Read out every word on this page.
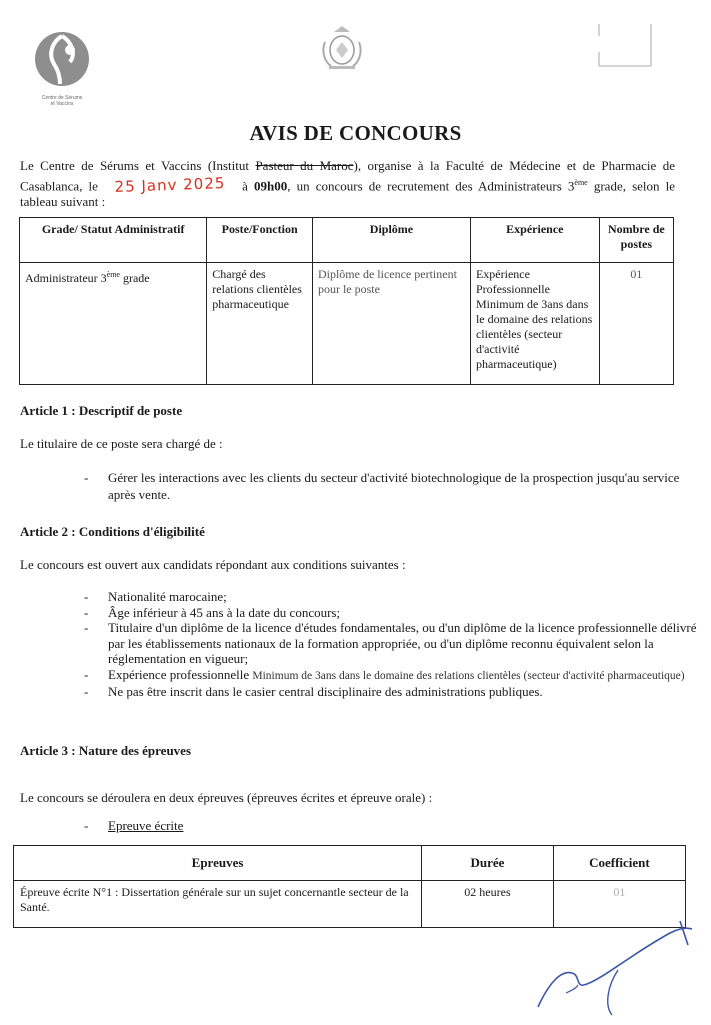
Centre de Sérums
et Vaccins
AVIS DE CONCOURS
Le Centre de Sérums et Vaccins (Institut Pasteur du Maroc), organise à la Faculté de Médecine et de Pharmacie de Casablanca, le 25 Janv 2025 à 09h00, un concours de recrutement des Administrateurs 3ème grade, selon le tableau suivant :
Grade/ Statut Administratif	Poste/Fonction	Diplôme	Expérience	Nombre de postes
Administrateur 3ème grade	Chargé des relations clientèles pharmaceutique	Diplôme de licence pertinent pour le poste	Expérience Professionnelle Minimum de 3ans dans le domaine des relations clientèles (secteur d'activité pharmaceutique)	01
Article 1 : Descriptif de poste
Le titulaire de ce poste sera chargé de :
- Gérer les interactions avec les clients du secteur d'activité biotechnologique de la prospection jusqu'au service après vente.
Article 2 : Conditions d'éligibilité
Le concours est ouvert aux candidats répondant aux conditions suivantes :
- Nationalité marocaine;
- Âge inférieur à 45 ans à la date du concours;
- Titulaire d'un diplôme de la licence d'études fondamentales, ou d'un diplôme de la licence professionnelle délivré par les établissements nationaux de la formation appropriée, ou d'un diplôme reconnu équivalent selon la réglementation en vigueur;
- Expérience professionnelle Minimum de 3ans dans le domaine des relations clientèles (secteur d'activité pharmaceutique)
- Ne pas être inscrit dans le casier central disciplinaire des administrations publiques.
Article 3 : Nature des épreuves
Le concours se déroulera en deux épreuves (épreuves écrites et épreuve orale) :
- Epreuve écrite
Epreuves	Durée	Coefficient
Épreuve écrite N°1 : Dissertation générale sur un sujet concernantle secteur de la Santé.	02 heures	01
